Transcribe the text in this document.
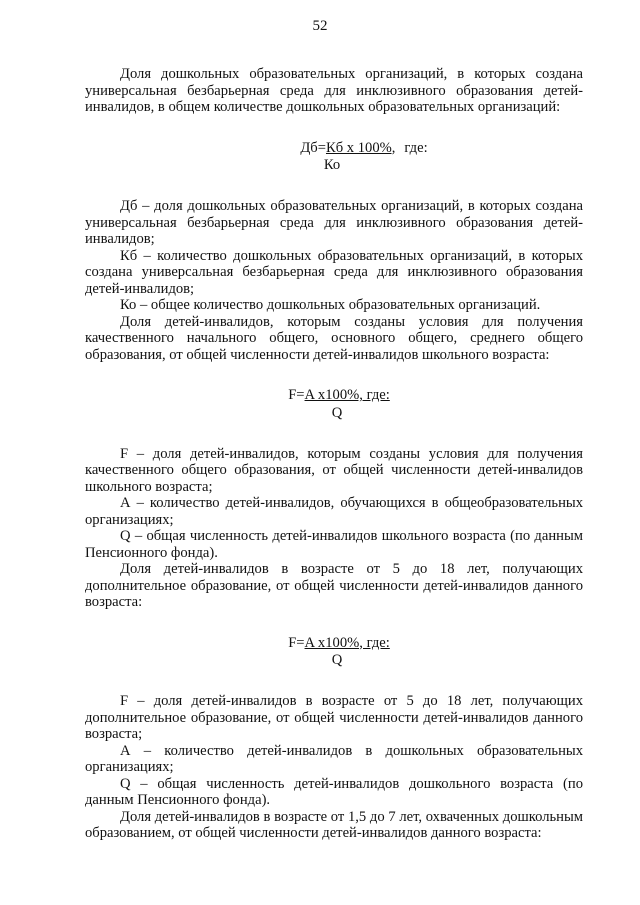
52

Доля дошкольных образовательных организаций, в которых создана универсальная безбарьерная среда для инклюзивного образования детей-инвалидов, в общем количестве дошкольных образовательных организаций:

Дб= Кб x 100%, где:
Ко

Дб – доля дошкольных образовательных организаций, в которых создана универсальная безбарьерная среда для инклюзивного образования детей-инвалидов;

Кб – количество дошкольных образовательных организаций, в которых создана универсальная безбарьерная среда для инклюзивного образования детей-инвалидов;

Ко – общее количество дошкольных образовательных организаций.

Доля детей-инвалидов, которым созданы условия для получения качественного начального общего, основного общего, среднего общего образования, от общей численности детей-инвалидов школьного возраста:

F= A x100%, где:
Q

F – доля детей-инвалидов, которым созданы условия для получения качественного общего образования, от общей численности детей-инвалидов школьного возраста;

А – количество детей-инвалидов, обучающихся в общеобразовательных организациях;

Q – общая численность детей-инвалидов школьного возраста (по данным Пенсионного фонда).

Доля детей-инвалидов в возрасте от 5 до 18 лет, получающих дополнительное образование, от общей численности детей-инвалидов данного возраста:

F= A x100%, где:
Q

F – доля детей-инвалидов в возрасте от 5 до 18 лет, получающих дополнительное образование, от общей численности детей-инвалидов данного возраста;

А – количество детей-инвалидов в дошкольных образовательных организациях;

Q – общая численность детей-инвалидов дошкольного возраста (по данным Пенсионного фонда).

Доля детей-инвалидов в возрасте от 1,5 до 7 лет, охваченных дошкольным образованием, от общей численности детей-инвалидов данного возраста:
